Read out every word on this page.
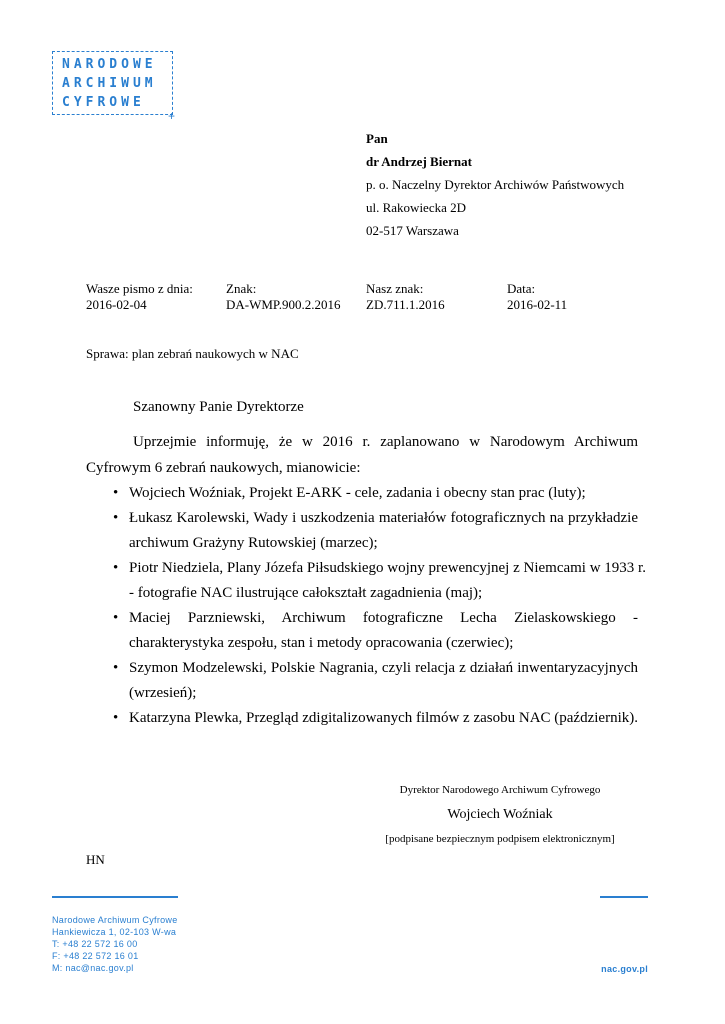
NARODOWE
ARCHIWUM
CYFROWE
+
Pan
dr Andrzej Biernat
p. o. Naczelny Dyrektor Archiwów Państwowych
ul. Rakowiecka 2D
02-517 Warszawa
Wasze pismo z dnia:
2016-02-04
Znak:
DA-WMP.900.2.2016
Nasz znak:
ZD.711.1.2016
Data:
2016-02-11
Sprawa: plan zebrań naukowych w NAC
Szanowny Panie Dyrektorze
Uprzejmie informuję, że w 2016 r. zaplanowano w Narodowym Archiwum
Cyfrowym 6 zebrań naukowych, mianowicie:
• Wojciech Woźniak, Projekt E-ARK - cele, zadania i obecny stan prac (luty);
• Łukasz Karolewski, Wady i uszkodzenia materiałów fotograficznych na przykładzie
archiwum Grażyny Rutowskiej (marzec);
• Piotr Niedziela, Plany Józefa Piłsudskiego wojny prewencyjnej z Niemcami w 1933 r.
- fotografie NAC ilustrujące całokształt zagadnienia (maj);
• Maciej Parzniewski, Archiwum fotograficzne Lecha Zielaskowskiego -
charakterystyka zespołu, stan i metody opracowania (czerwiec);
• Szymon Modzelewski, Polskie Nagrania, czyli relacja z działań inwentaryzacyjnych
(wrzesień);
• Katarzyna Plewka, Przegląd zdigitalizowanych filmów z zasobu NAC (październik).
Dyrektor Narodowego Archiwum Cyfrowego
Wojciech Woźniak
[podpisane bezpiecznym podpisem elektronicznym]
HN
Narodowe Archiwum Cyfrowe
Hankiewicza 1, 02-103 W-wa
T: +48 22 572 16 00
F: +48 22 572 16 01
M: nac@nac.gov.pl	nac.gov.pl
